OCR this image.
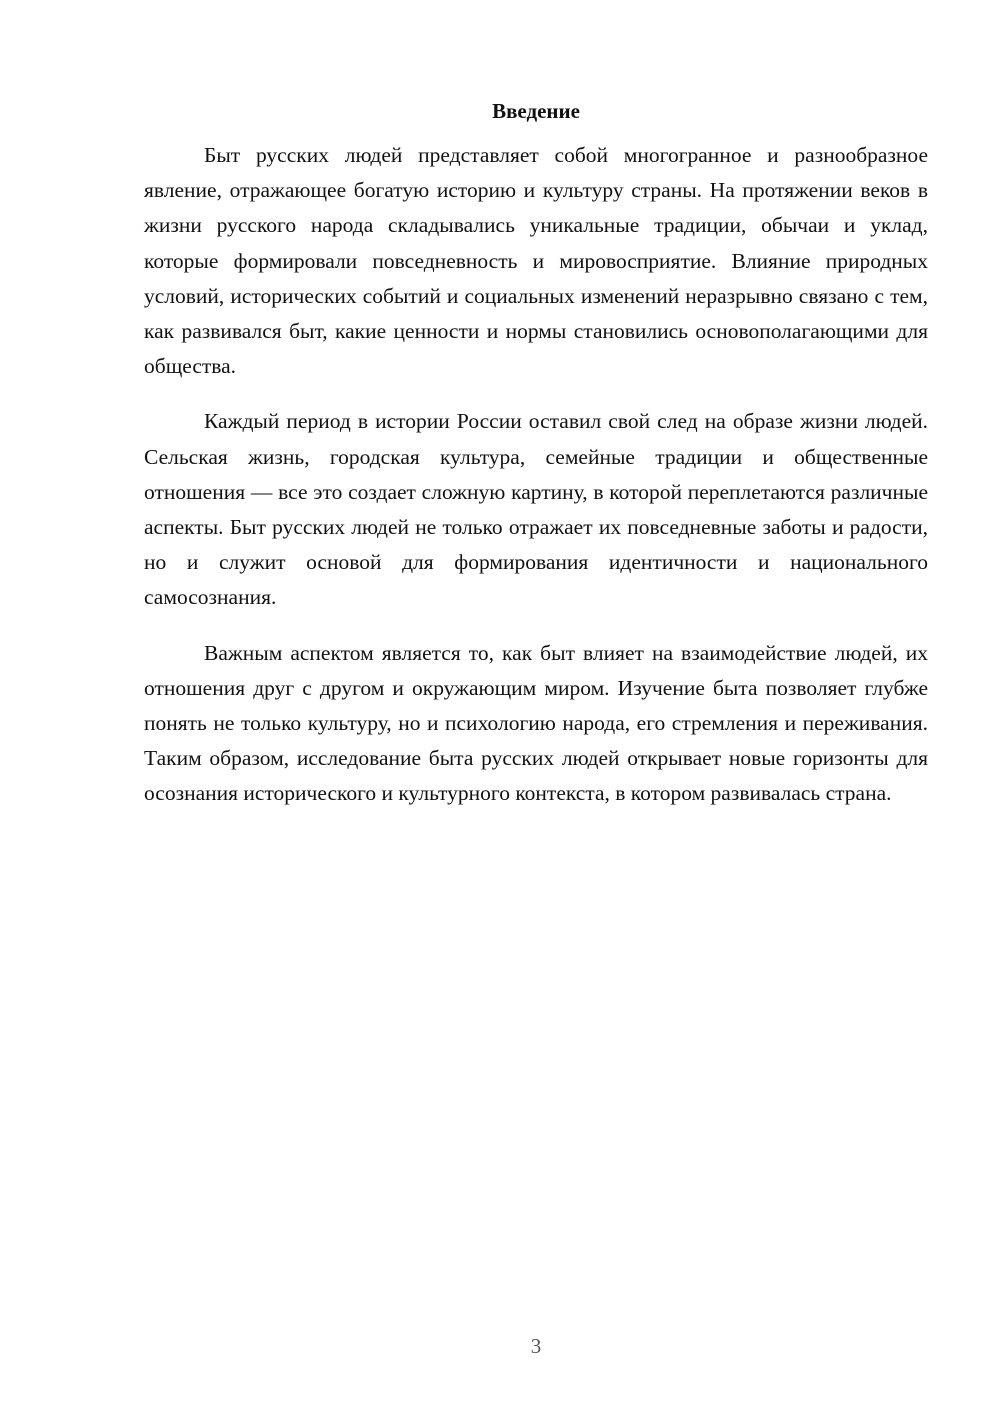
Введение

Быт русских людей представляет собой многогранное и разнообразное явление, отражающее богатую историю и культуру страны. На протяжении веков в жизни русского народа складывались уникальные традиции, обычаи и уклад, которые формировали повседневность и мировосприятие. Влияние природных условий, исторических событий и социальных изменений неразрывно связано с тем, как развивался быт, какие ценности и нормы становились основополагающими для общества.

Каждый период в истории России оставил свой след на образе жизни людей. Сельская жизнь, городская культура, семейные традиции и общественные отношения — все это создает сложную картину, в которой переплетаются различные аспекты. Быт русских людей не только отражает их повседневные заботы и радости, но и служит основой для формирования идентичности и национального самосознания.

Важным аспектом является то, как быт влияет на взаимодействие людей, их отношения друг с другом и окружающим миром. Изучение быта позволяет глубже понять не только культуру, но и психологию народа, его стремления и переживания. Таким образом, исследование быта русских людей открывает новые горизонты для осознания исторического и культурного контекста, в котором развивалась страна.

3
